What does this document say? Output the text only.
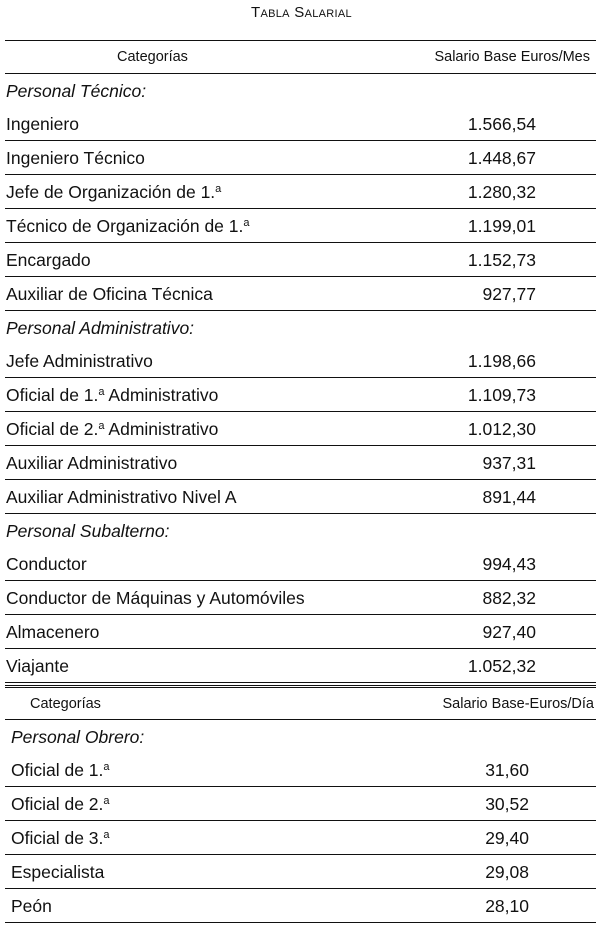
Tabla Salarial
Categorías	Salario Base Euros/Mes
Personal Técnico:
Ingeniero	1.566,54
Ingeniero Técnico	1.448,67
Jefe de Organización de 1.$^a$	1.280,32
Técnico de Organización de 1.$^a$	1.199,01
Encargado	1.152,73
Auxiliar de Oficina Técnica	927,77
Personal Administrativo:
Jefe Administrativo	1.198,66
Oficial de 1.$^a$ Administrativo	1.109,73
Oficial de 2.$^a$ Administrativo	1.012,30
Auxiliar Administrativo	937,31
Auxiliar Administrativo Nivel A	891,44
Personal Subalterno:
Conductor	994,43
Conductor de Máquinas y Automóviles	882,32
Almacenero	927,40
Viajante	1.052,32
Categorías	Salario Base-Euros/Día
Personal Obrero:
Oficial de 1.$^a$	31,60
Oficial de 2.$^a$	30,52
Oficial de 3.$^a$	29,40
Especialista	29,08
Peón	28,10
